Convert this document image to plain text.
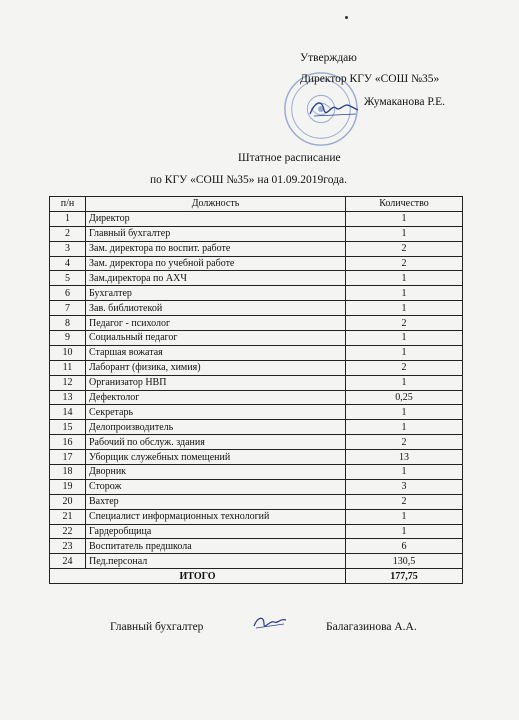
Утверждаю
Директор КГУ «СОШ №35»
Жумаканова Р.Е.
Штатное расписание
по КГУ «СОШ №35» на 01.09.2019года.
п/н	Должность	Количество
1	Директор	1
2	Главный бухгалтер	1
3	Зам. директора по воспит. работе	2
4	Зам. директора по учебной работе	2
5	Зам.директора по АХЧ	1
6	Бухгалтер	1
7	Зав. библиотекой	1
8	Педагог - психолог	2
9	Социальный педагог	1
10	Старшая вожатая	1
11	Лаборант (физика, химия)	2
12	Организатор НВП	1
13	Дефектолог	0,25
14	Секретарь	1
15	Делопроизводитель	1
16	Рабочий по обслуж. здания	2
17	Уборщик служебных помещений	13
18	Дворник	1
19	Сторож	3
20	Вахтер	2
21	Специалист информационных технологий	1
22	Гардеробщица	1
23	Воспитатель предшкола	6
24	Пед.персонал	130,5
ИТОГО		177,75
Главный бухгалтер	Балагазинова А.А.
